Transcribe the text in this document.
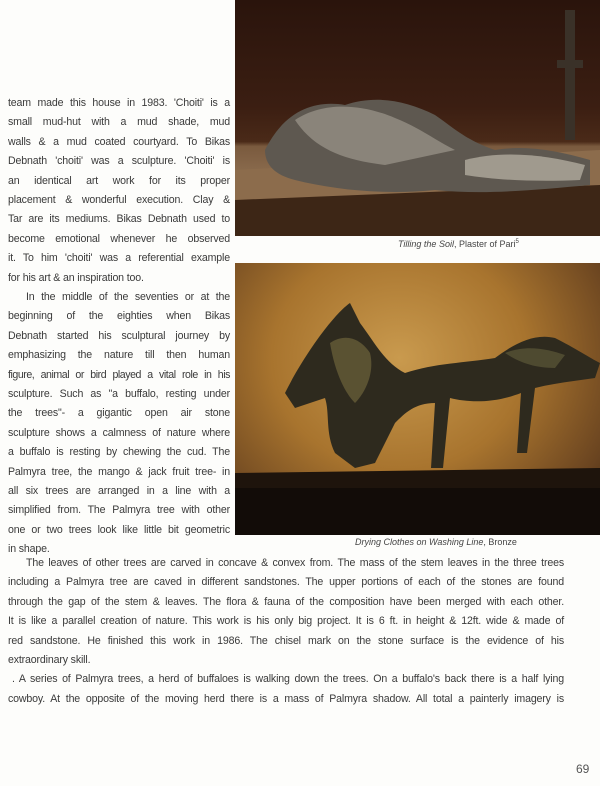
team made this house in 1983. 'Choiti' is a
small mud-hut with a mud shade, mud
walls & a mud coated courtyard. To Bikas
Debnath 'choiti' was a sculpture. 'Choiti' is
an identical art work for its proper
placement & wonderful execution. Clay &
Tar are its mediums. Bikas Debnath used to
become emotional whenever he observed
it. To him 'choiti' was a referential example
for his art & an inspiration too.
In the middle of the seventies or at the
beginning of the eighties when Bikas
Debnath started his sculptural journey by
emphasizing the nature till then human
figure, animal or bird played a vital role in his
sculpture. Such as "a buffalo, resting under
the trees"- a gigantic open air stone
sculpture shows a calmness of nature where
a buffalo is resting by chewing the cud. The
Palmyra tree, the mango & jack fruit tree- in
all six trees are arranged in a line with a
simplified from. The Palmyra tree with other
one or two trees look like little bit geometric
in shape.
Tilling the Soil, Plaster of Pari$^5$
Drying Clothes on Washing Line, Bronze
The leaves of other trees are carved in concave & convex from. The mass of the stem leaves in the three trees
including a Palmyra tree are caved in different sandstones. The upper portions of each of the stones are found
through the gap of the stem & leaves. The flora & fauna of the composition have been merged with each other.
It is like a parallel creation of nature. This work is his only big project. It is 6 ft. in height & 12ft. wide & made of
red sandstone. He finished this work in 1986. The chisel mark on the stone surface is the evidence of his
extraordinary skill.
. A series of Palmyra trees, a herd of buffaloes is walking down the trees. On a buffalo's back there is a half lying
cowboy. At the opposite of the moving herd there is a mass of Palmyra shadow. All total a painterly imagery is
69
